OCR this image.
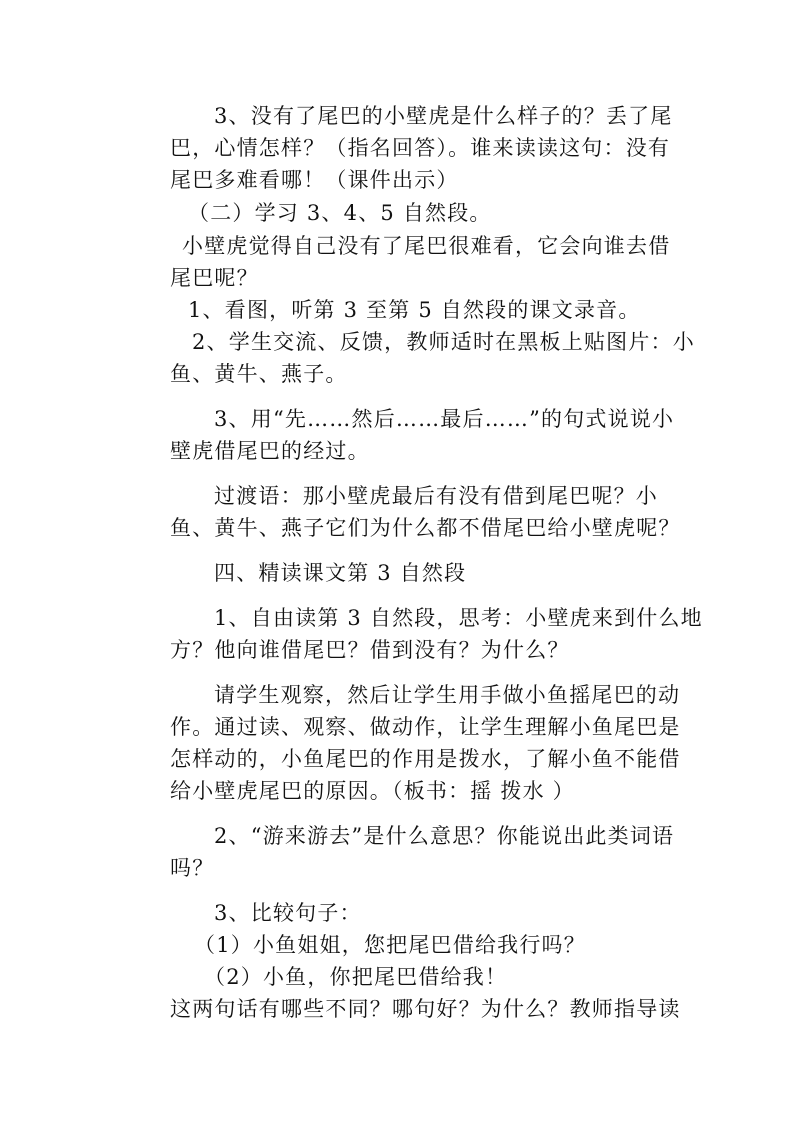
3、没有了尾巴的小壁虎是什么样子的？丢了尾
巴，心情怎样？（指名回答）。谁来读读这句：没有
尾巴多难看哪！（课件出示）
（二）学习 3、4、5 自然段。
小壁虎觉得自己没有了尾巴很难看，它会向谁去借
尾巴呢？
1、看图，听第 3 至第 5 自然段的课文录音。
2、学生交流、反馈，教师适时在黑板上贴图片：小
鱼、黄牛、燕子。
3、用“先……然后……最后……”的句式说说小
壁虎借尾巴的经过。
过渡语：那小壁虎最后有没有借到尾巴呢？小
鱼、黄牛、燕子它们为什么都不借尾巴给小壁虎呢？
四、精读课文第 3 自然段
1、自由读第 3 自然段，思考：小壁虎来到什么地
方？他向谁借尾巴？借到没有？为什么？
请学生观察，然后让学生用手做小鱼摇尾巴的动
作。通过读、观察、做动作，让学生理解小鱼尾巴是
怎样动的，小鱼尾巴的作用是拨水，了解小鱼不能借
给小壁虎尾巴的原因。（板书：摇 拨水 ）
2、“游来游去”是什么意思？你能说出此类词语
吗？
3、比较句子：
（1）小鱼姐姐，您把尾巴借给我行吗？
（2）小鱼，你把尾巴借给我！
这两句话有哪些不同？哪句好？为什么？教师指导读
